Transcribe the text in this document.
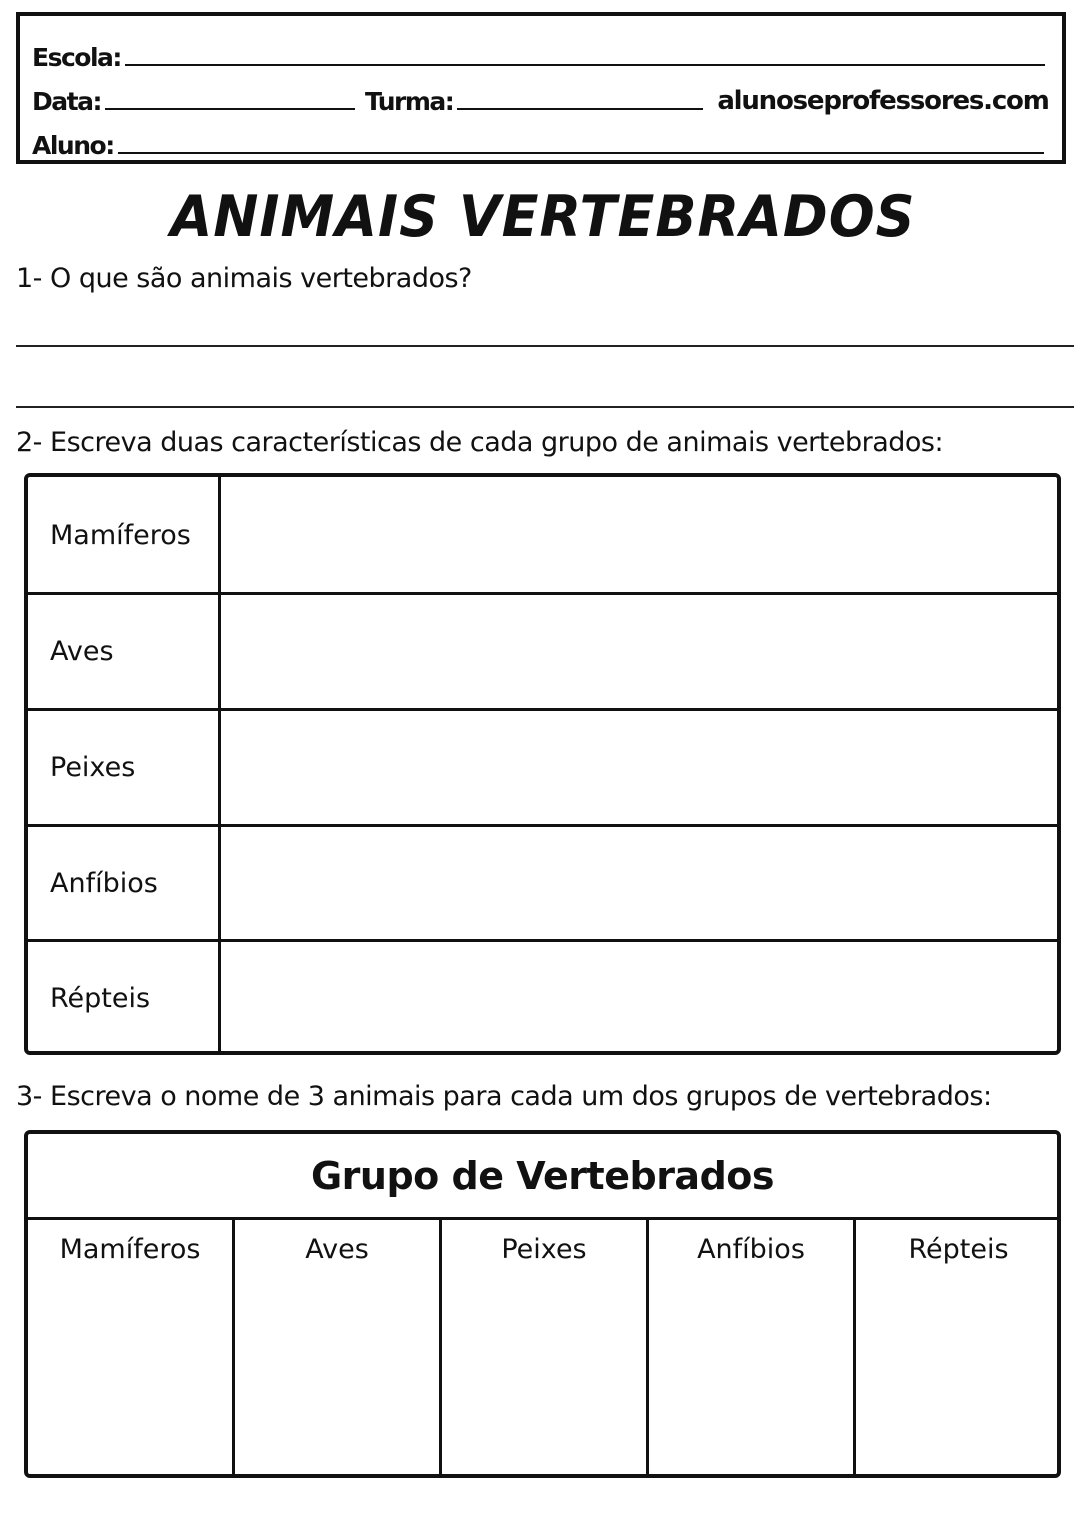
Escola:
Data:	Turma:	alunoseprofessores.com
Aluno:
ANIMAIS VERTEBRADOS
1- O que são animais vertebrados?
2- Escreva duas características de cada grupo de animais vertebrados:
Mamíferos
Aves
Peixes
Anfíbios
Répteis
3- Escreva o nome de 3 animais para cada um dos grupos de vertebrados:
Grupo de Vertebrados
Mamíferos	Aves	Peixes	Anfíbios	Répteis
